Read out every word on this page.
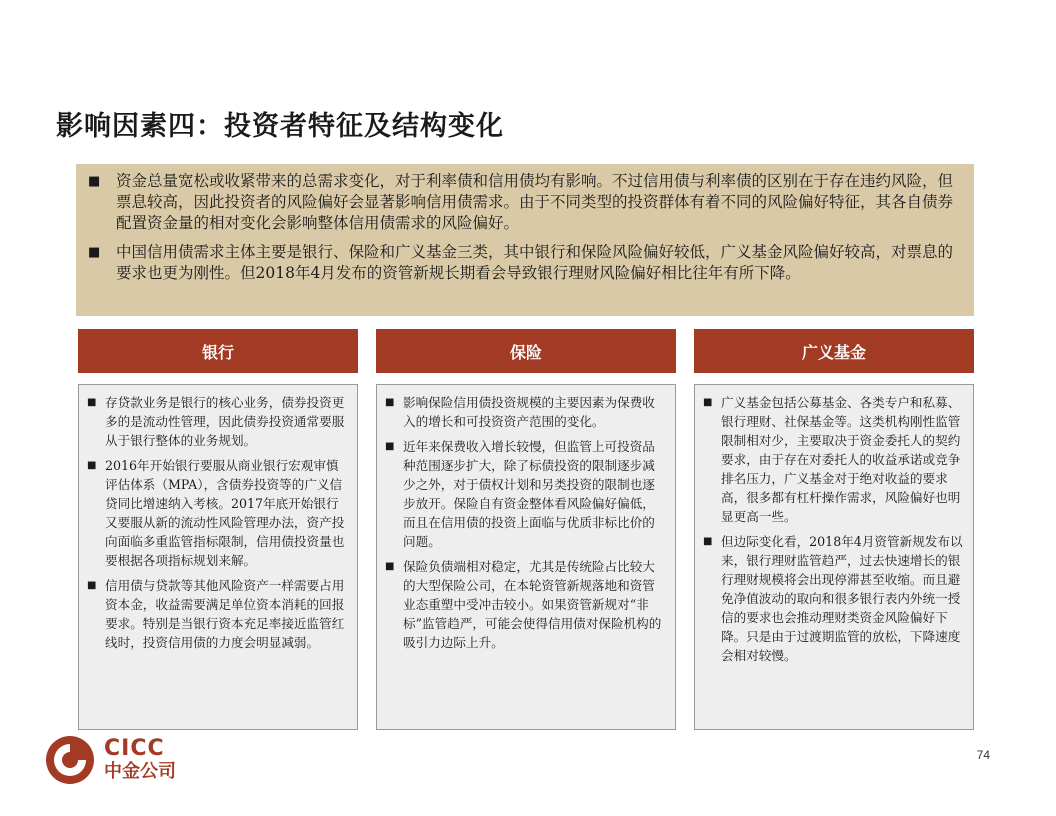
影响因素四：投资者特征及结构变化
■	资金总量宽松或收紧带来的总需求变化，对于利率债和信用债均有影响。不过信用债与利率债的区别在于存在违约风险，但票息较高，因此投资者的风险偏好会显著影响信用债需求。由于不同类型的投资群体有着不同的风险偏好特征，其各自债券配置资金量的相对变化会影响整体信用债需求的风险偏好。
■	中国信用债需求主体主要是银行、保险和广义基金三类，其中银行和保险风险偏好较低，广义基金风险偏好较高，对票息的要求也更为刚性。但2018年4月发布的资管新规长期看会导致银行理财风险偏好相比往年有所下降。
银行
■ 存贷款业务是银行的核心业务，债券投资更多的是流动性管理，因此债券投资通常要服从于银行整体的业务规划。
■ 2016年开始银行要服从商业银行宏观审慎评估体系（MPA），含债券投资等的广义信贷同比增速纳入考核。2017年底开始银行又要服从新的流动性风险管理办法，资产投向面临多重监管指标限制，信用债投资量也要根据各项指标规划来解。
■ 信用债与贷款等其他风险资产一样需要占用资本金，收益需要满足单位资本消耗的回报要求。特别是当银行资本充足率接近监管红线时，投资信用债的力度会明显减弱。
保险
■ 影响保险信用债投资规模的主要因素为保费收入的增长和可投资资产范围的变化。
■ 近年来保费收入增长较慢，但监管上可投资品种范围逐步扩大，除了标债投资的限制逐步减少之外，对于债权计划和另类投资的限制也逐步放开。保险自有资金整体看风险偏好偏低，而且在信用债的投资上面临与优质非标比价的问题。
■ 保险负债端相对稳定，尤其是传统险占比较大的大型保险公司，在本轮资管新规落地和资管业态重塑中受冲击较小。如果资管新规对“非标”监管趋严，可能会使得信用债对保险机构的吸引力边际上升。
广义基金
■ 广义基金包括公募基金、各类专户和私募、银行理财、社保基金等。这类机构刚性监管限制相对少，主要取决于资金委托人的契约要求，由于存在对委托人的收益承诺或竞争排名压力，广义基金对于绝对收益的要求高，很多都有杠杆操作需求，风险偏好也明显更高一些。
■ 但边际变化看，2018年4月资管新规发布以来，银行理财监管趋严，过去快速增长的银行理财规模将会出现停滞甚至收缩。而且避免净值波动的取向和很多银行表内外统一授信的要求也会推动理财类资金风险偏好下降。只是由于过渡期监管的放松，下降速度会相对较慢。
CICC
中金公司
74
